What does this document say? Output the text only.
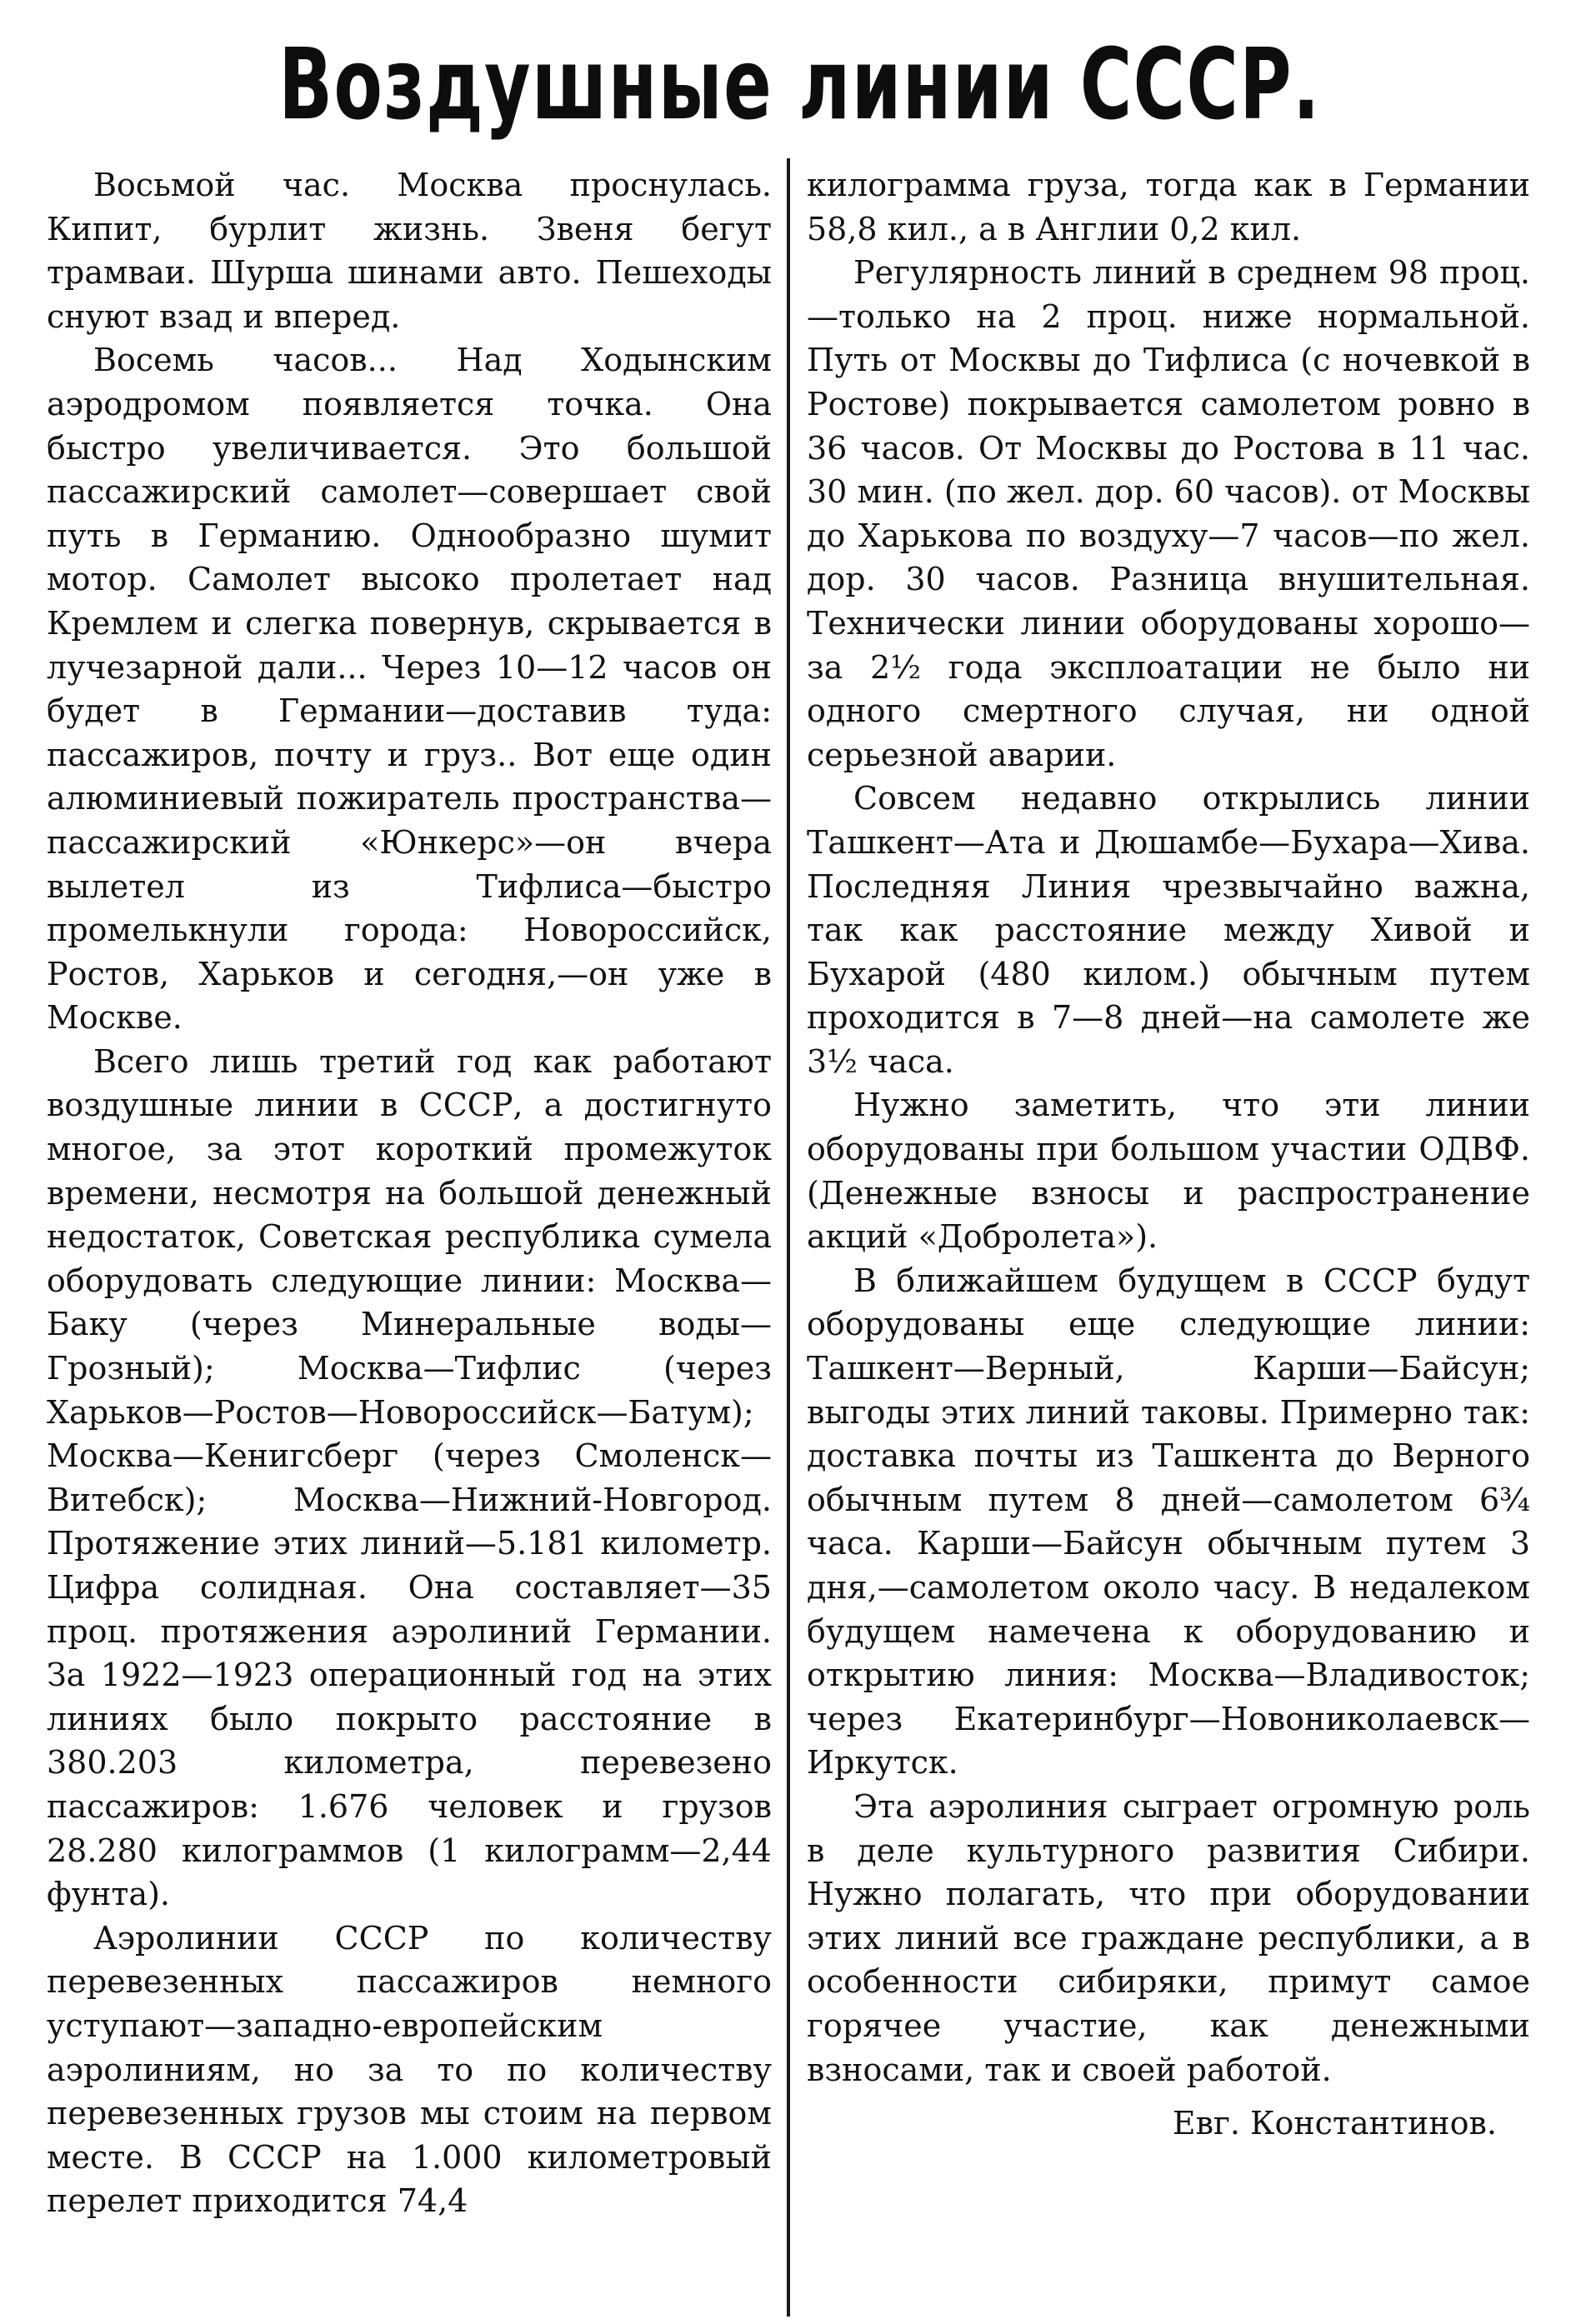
Воздушные линии СССР.

Восьмой час. Москва проснулась. Кипит, бурлит жизнь. Звеня бегут трамваи. Шурша шинами авто. Пешеходы снуют взад и вперед.

Восемь часов... Над Ходынским аэродромом появляется точка. Она быстро увеличивается. Это большой пассажирский самолет—совершает свой путь в Германию. Однообразно шумит мотор. Самолет высоко пролетает над Кремлем и слегка повернув, скрывается в лучезарной дали... Через 10—12 часов он будет в Германии—доставив туда: пассажиров, почту и груз.. Вот еще один алюминиевый пожиратель пространства—пассажирский «Юнкерс»—он вчера вылетел из Тифлиса—быстро промелькнули города: Новороссийск, Ростов, Харьков и сегодня,—он уже в Москве.

Всего лишь третий год как работают воздушные линии в СССР, а достигнуто многое, за этот короткий промежуток времени, несмотря на большой денежный недостаток, Советская республика сумела оборудовать следующие линии: Москва—Баку (через Минеральные воды—Грозный); Москва—Тифлис (через Харьков—Ростов—Новороссийск—Батум); Москва—Кенигсберг (через Смоленск—Витебск); Москва—Нижний-Новгород. Протяжение этих линий—5.181 километр. Цифра солидная. Она составляет—35 проц. протяжения аэролиний Германии. За 1922—1923 операционный год на этих линиях было покрыто расстояние в 380.203 километра, перевезено пассажиров: 1.676 человек и грузов 28.280 килограммов (1 килограмм—2,44 фунта).

Аэролинии СССР по количеству перевезенных пассажиров немного уступают—западно-европейским аэролиниям, но за то по количеству перевезенных грузов мы стоим на первом месте. В СССР на 1.000 километровый перелет приходится 74,4

килограмма груза, тогда как в Германии 58,8 кил., а в Англии 0,2 кил.

Регулярность линий в среднем 98 проц.—только на 2 проц. ниже нормальной. Путь от Москвы до Тифлиса (с ночевкой в Ростове) покрывается самолетом ровно в 36 часов. От Москвы до Ростова в 11 час. 30 мин. (по жел. дор. 60 часов). от Москвы до Харькова по воздуху—7 часов—по жел. дор. 30 часов. Разница внушительная. Технически линии оборудованы хорошо—за 2½ года эксплоатации не было ни одного смертного случая, ни одной серьезной аварии.

Совсем недавно открылись линии Ташкент—Ата и Дюшамбе—Бухара—Хива. Последняя Линия чрезвычайно важна, так как расстояние между Хивой и Бухарой (480 килом.) обычным путем проходится в 7—8 дней—на самолете же 3½ часа.

Нужно заметить, что эти линии оборудованы при большом участии ОДВФ. (Денежные взносы и распространение акций «Добролета»).

В ближайшем будущем в СССР будут оборудованы еще следующие линии: Ташкент—Верный, Карши—Байсун; выгоды этих линий таковы. Примерно так: доставка почты из Ташкента до Верного обычным путем 8 дней—самолетом 6¾ часа. Карши—Байсун обычным путем 3 дня,—самолетом около часу. В недалеком будущем намечена к оборудованию и открытию линия: Москва—Владивосток; через Екатеринбург—Новониколаевск—Иркутск.

Эта аэролиния сыграет огромную роль в деле культурного развития Сибири. Нужно полагать, что при оборудовании этих линий все граждане республики, а в особенности сибиряки, примут самое горячее участие, как денежными взносами, так и своей работой.

Евг. Константинов.
